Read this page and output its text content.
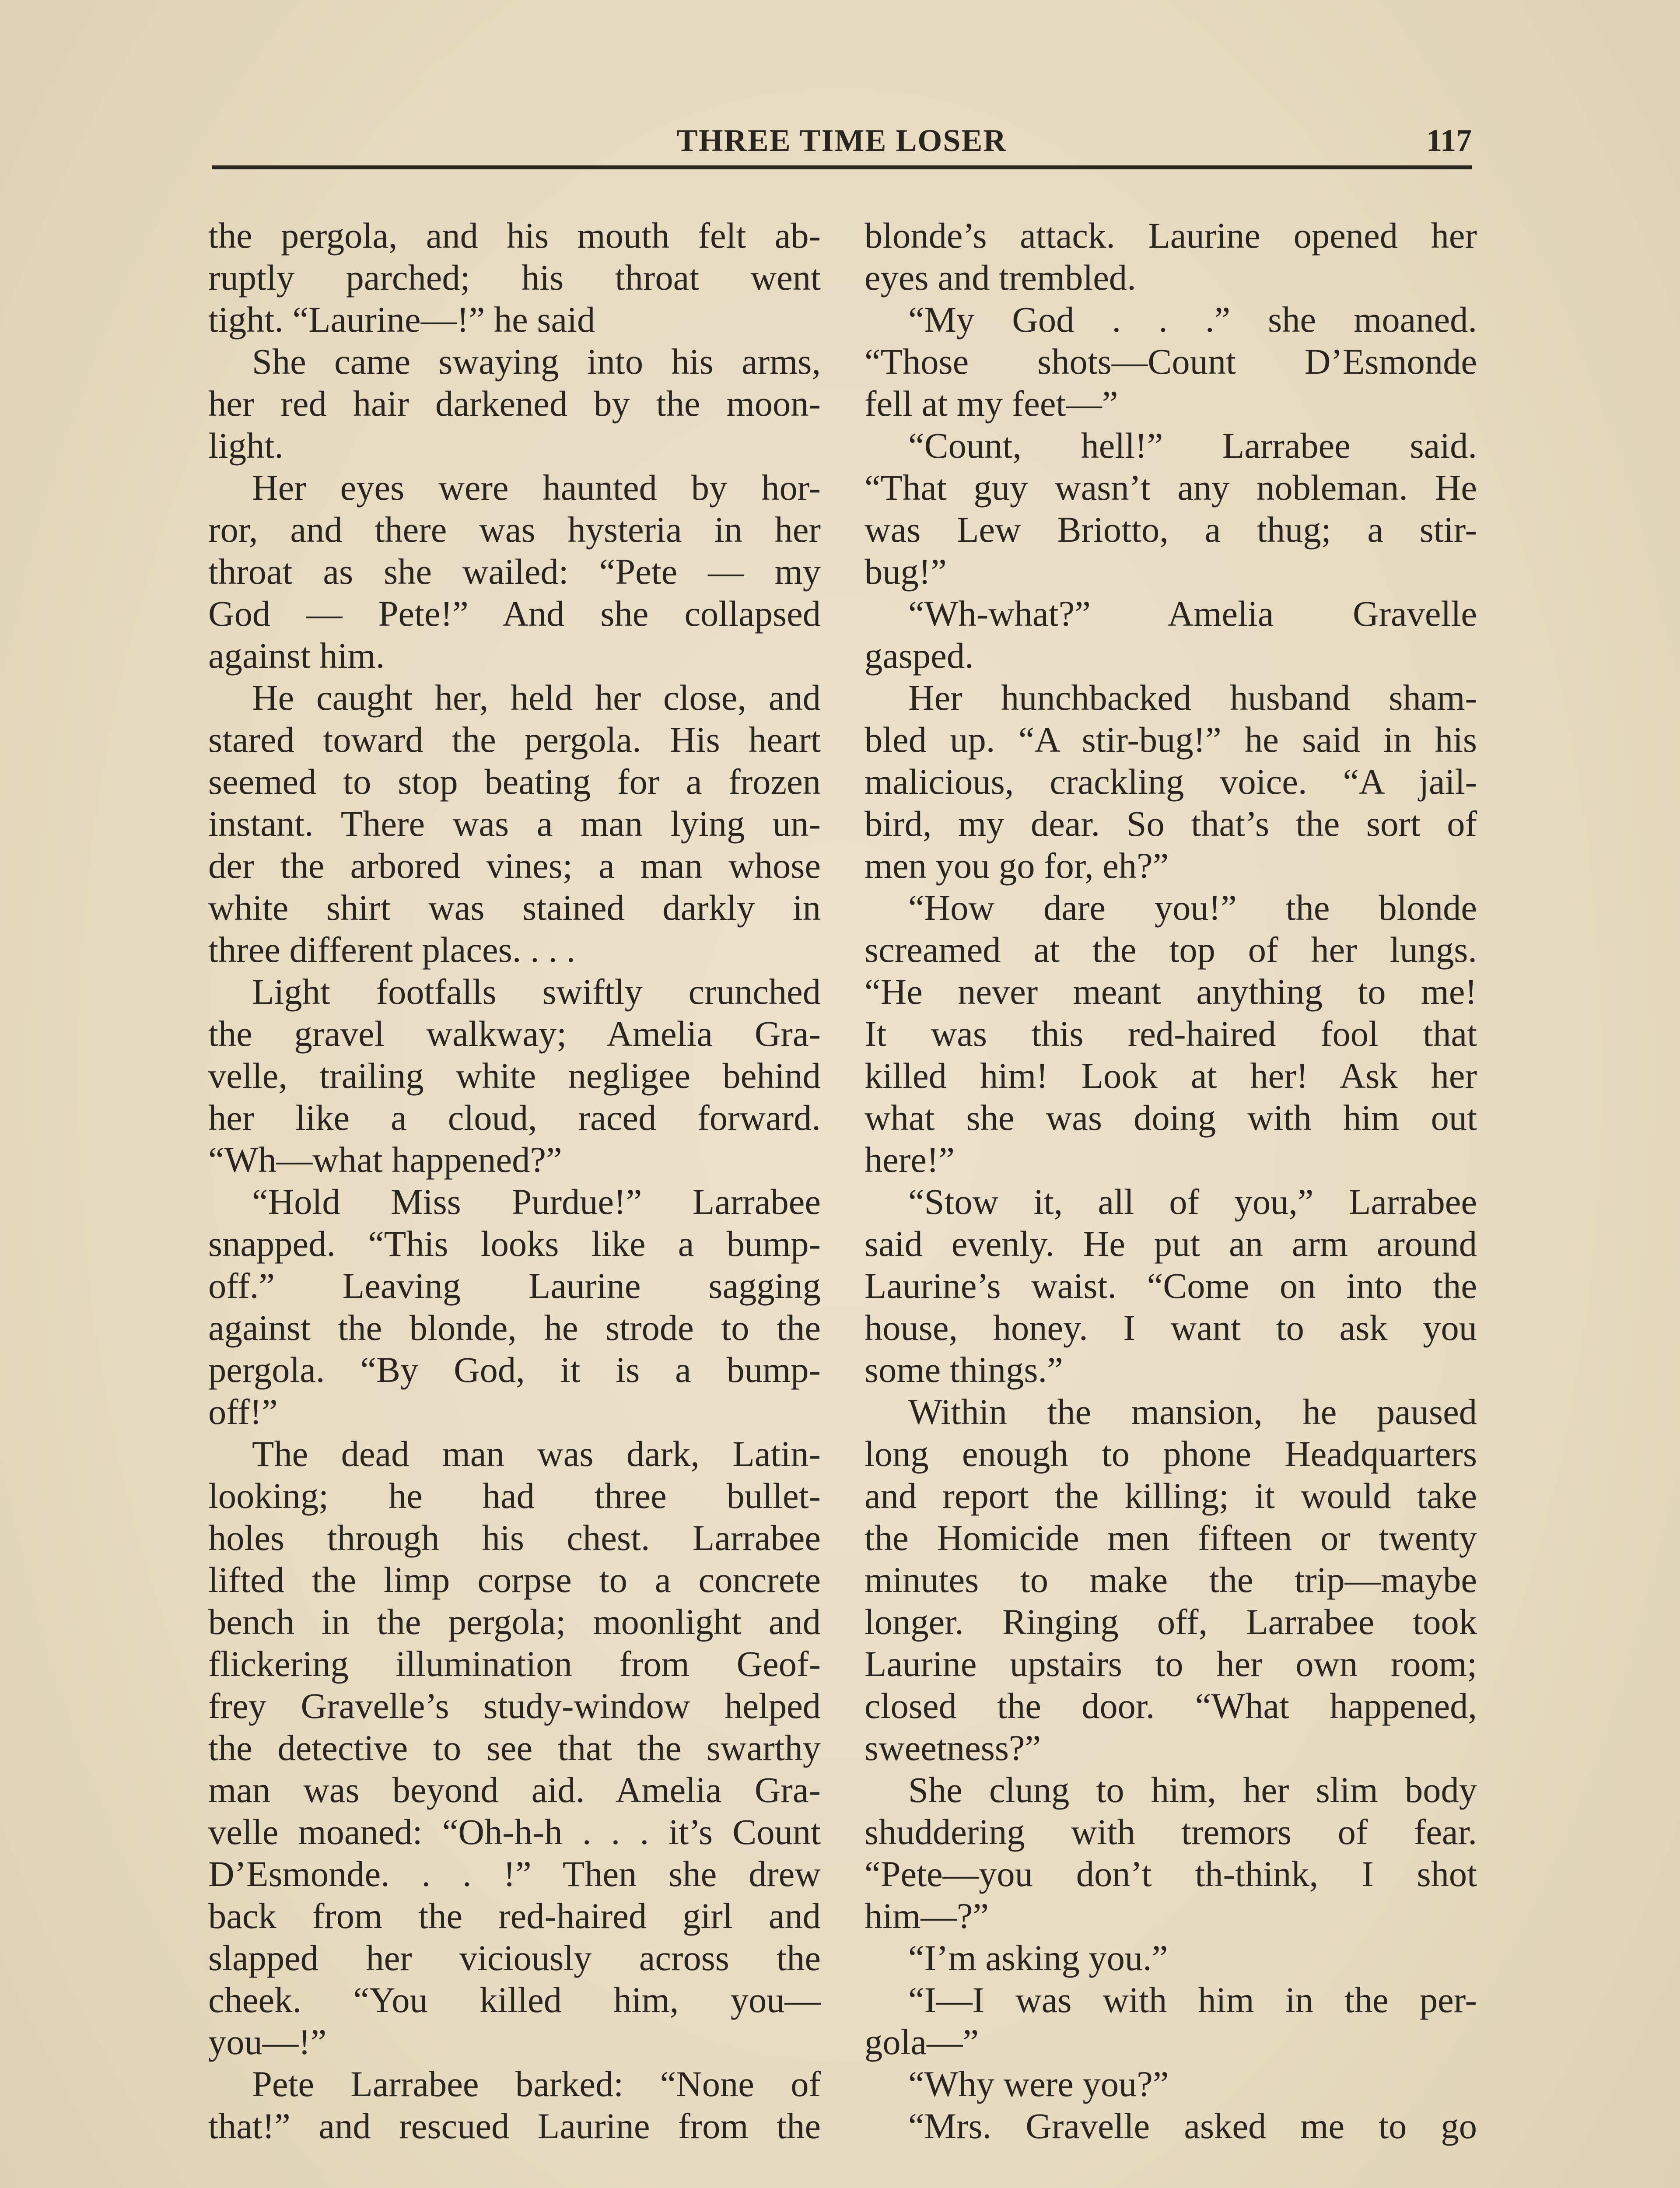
THREE TIME LOSER	117
the pergola, and his mouth felt ab-
ruptly parched; his throat went
tight. “Laurine—!” he said
She came swaying into his arms,
her red hair darkened by the moon-
light.
Her eyes were haunted by hor-
ror, and there was hysteria in her
throat as she wailed: “Pete — my
God — Pete!” And she collapsed
against him.
He caught her, held her close, and
stared toward the pergola. His heart
seemed to stop beating for a frozen
instant. There was a man lying un-
der the arbored vines; a man whose
white shirt was stained darkly in
three different places. . . .
Light footfalls swiftly crunched
the gravel walkway; Amelia Gra-
velle, trailing white negligee behind
her like a cloud, raced forward.
“Wh—what happened?”
“Hold Miss Purdue!” Larrabee
snapped. “This looks like a bump-
off.” Leaving Laurine sagging
against the blonde, he strode to the
pergola. “By God, it is a bump-
off!”
The dead man was dark, Latin-
looking; he had three bullet-
holes through his chest. Larrabee
lifted the limp corpse to a concrete
bench in the pergola; moonlight and
flickering illumination from Geof-
frey Gravelle’s study-window helped
the detective to see that the swarthy
man was beyond aid. Amelia Gra-
velle moaned: “Oh-h-h . . . it’s Count
D’Esmonde. . . !” Then she drew
back from the red-haired girl and
slapped her viciously across the
cheek. “You killed him, you—
you—!”
Pete Larrabee barked: “None of
that!” and rescued Laurine from the
blonde’s attack. Laurine opened her
eyes and trembled.
“My God . . .” she moaned.
“Those shots—Count D’Esmonde
fell at my feet—”
“Count, hell!” Larrabee said.
“That guy wasn’t any nobleman. He
was Lew Briotto, a thug; a stir-
bug!”
“Wh-what?” Amelia Gravelle
gasped.
Her hunchbacked husband sham-
bled up. “A stir-bug!” he said in his
malicious, crackling voice. “A jail-
bird, my dear. So that’s the sort of
men you go for, eh?”
“How dare you!” the blonde
screamed at the top of her lungs.
“He never meant anything to me!
It was this red-haired fool that
killed him! Look at her! Ask her
what she was doing with him out
here!”
“Stow it, all of you,” Larrabee
said evenly. He put an arm around
Laurine’s waist. “Come on into the
house, honey. I want to ask you
some things.”
Within the mansion, he paused
long enough to phone Headquarters
and report the killing; it would take
the Homicide men fifteen or twenty
minutes to make the trip—maybe
longer. Ringing off, Larrabee took
Laurine upstairs to her own room;
closed the door. “What happened,
sweetness?”
She clung to him, her slim body
shuddering with tremors of fear.
“Pete—you don’t th-think, I shot
him—?”
“I’m asking you.”
“I—I was with him in the per-
gola—”
“Why were you?”
“Mrs. Gravelle asked me to go
